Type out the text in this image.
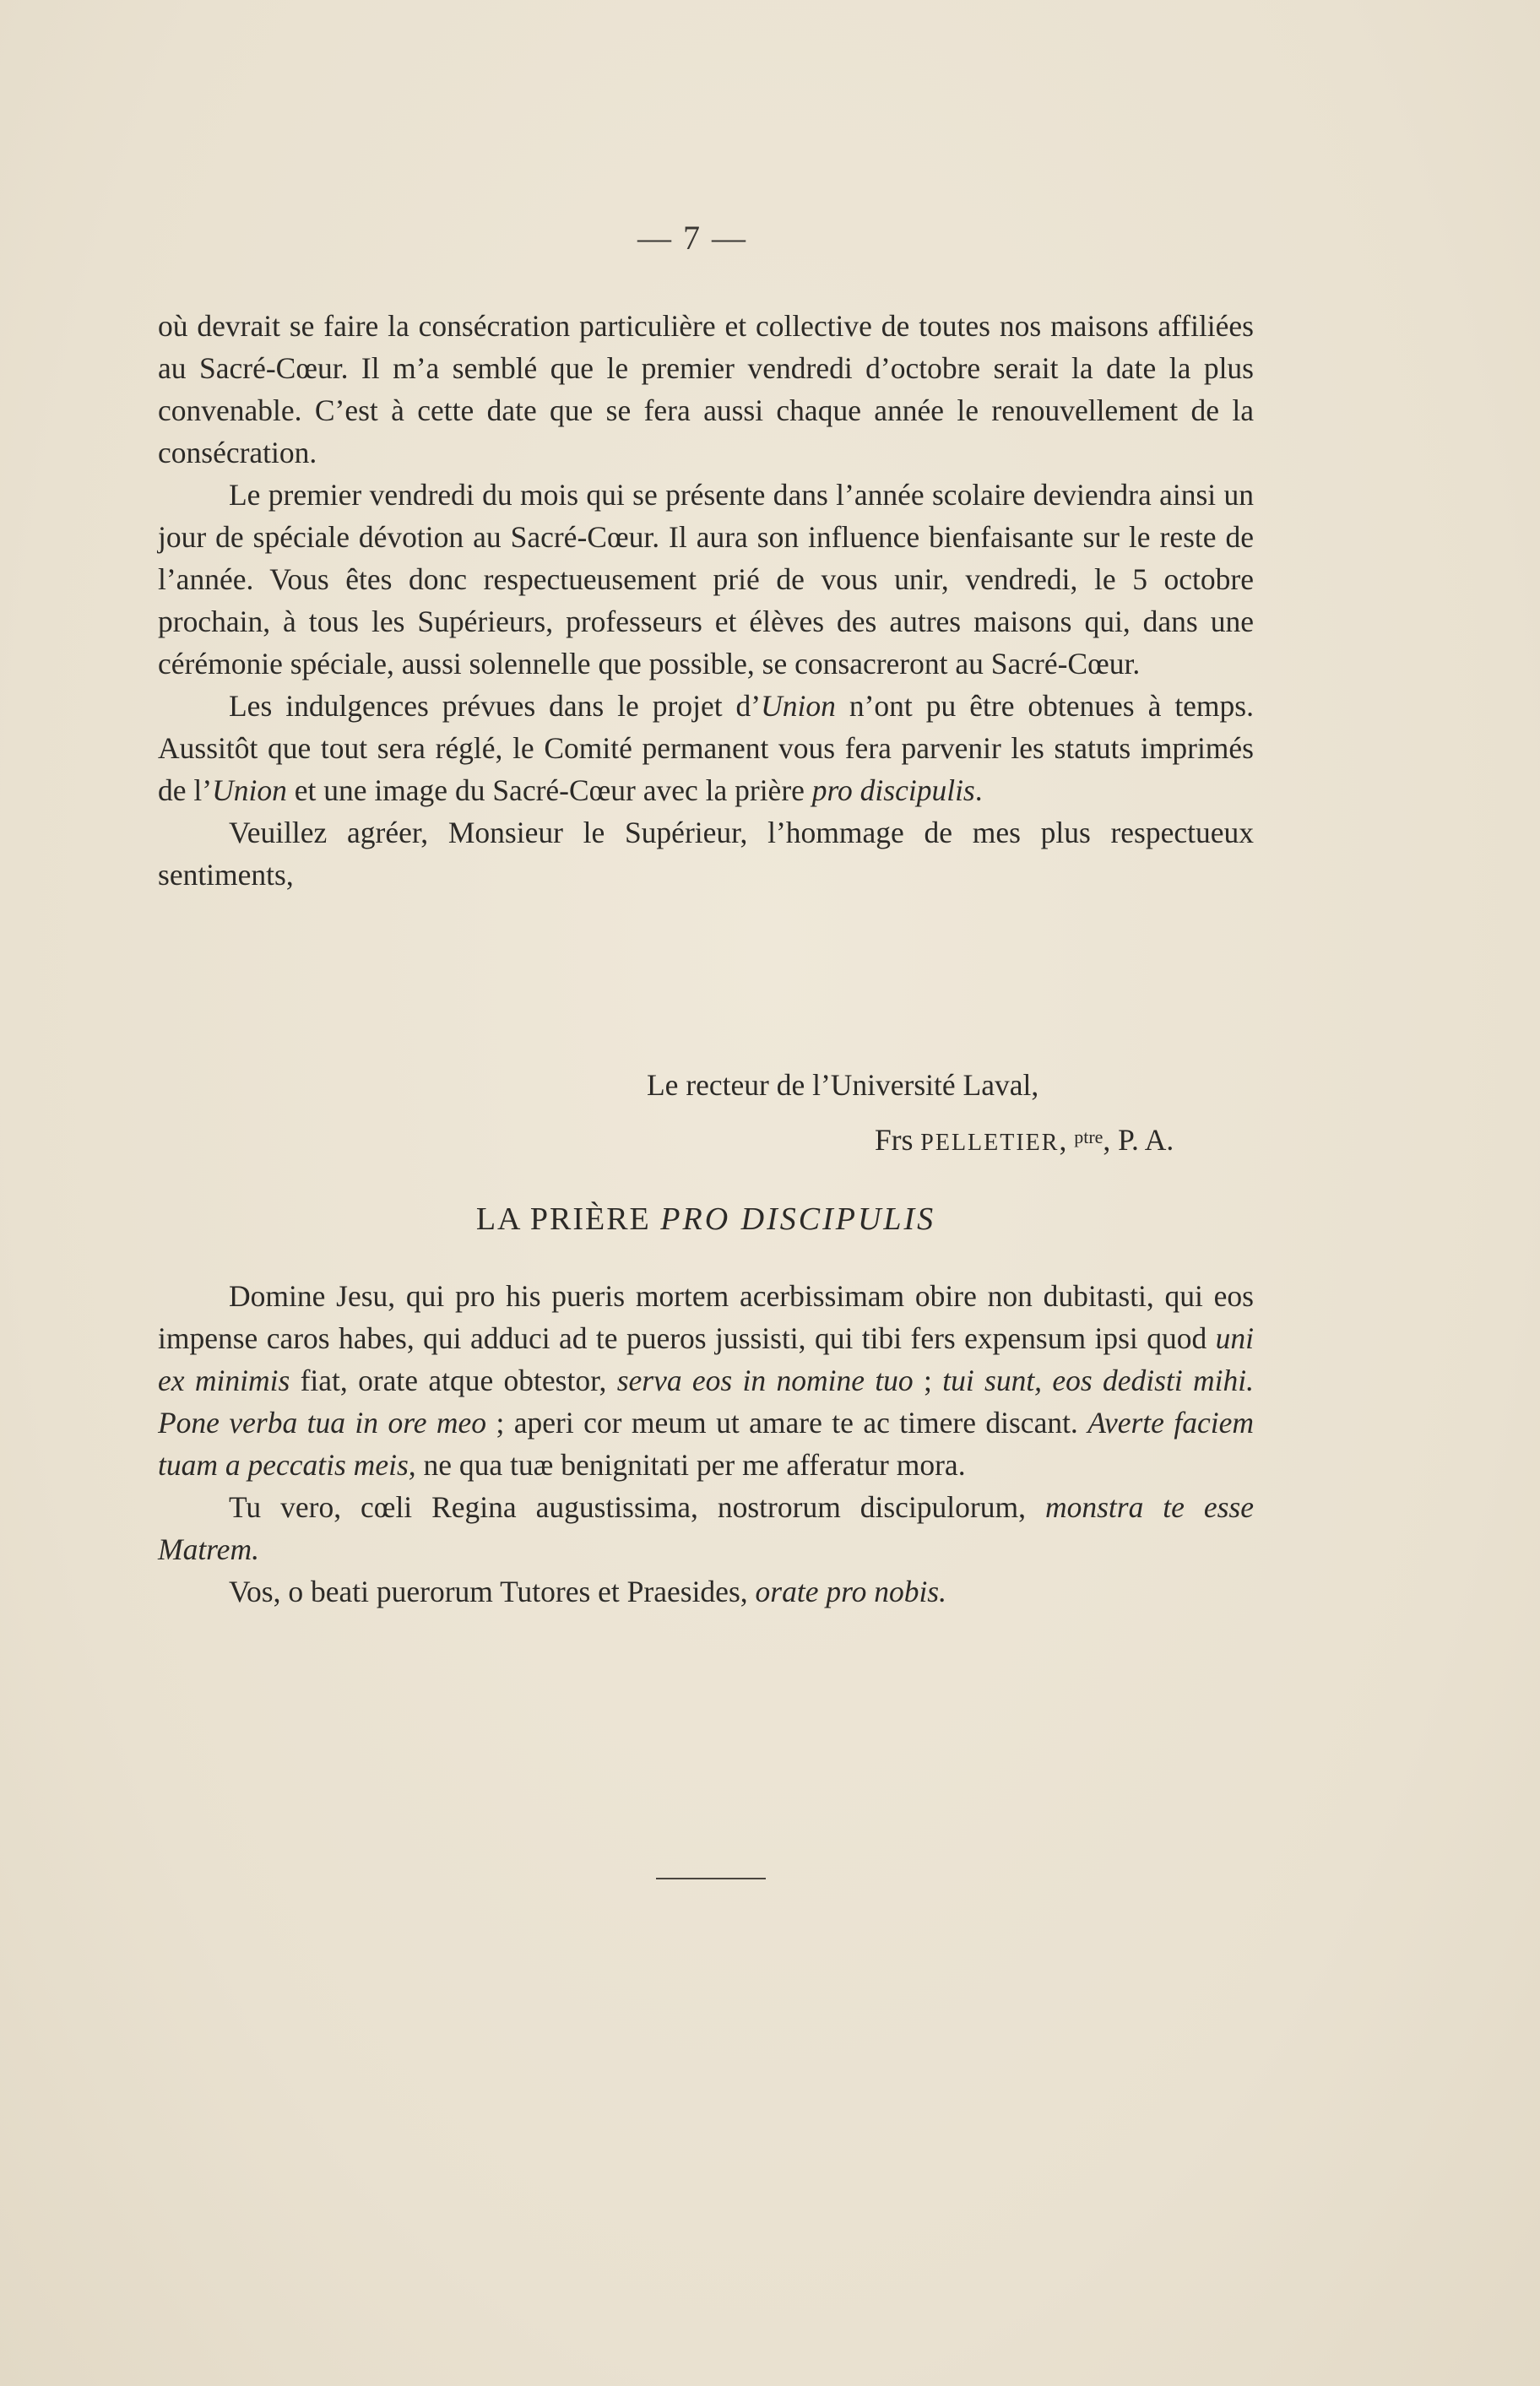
— 7 —

où devrait se faire la consécration particulière et collective de toutes nos maisons affiliées au Sacré-Cœur. Il m’a semblé que le premier vendredi d’octobre serait la date la plus convenable. C’est à cette date que se fera aussi chaque année le renouvellement de la consécration.

Le premier vendredi du mois qui se présente dans l’année scolaire deviendra ainsi un jour de spéciale dévotion au Sacré-Cœur. Il aura son influence bienfaisante sur le reste de l’année. Vous êtes donc respectueusement prié de vous unir, vendredi, le 5 octobre prochain, à tous les Supérieurs, professeurs et élèves des autres maisons qui, dans une cérémonie spéciale, aussi solennelle que possible, se consacreront au Sacré-Cœur.

Les indulgences prévues dans le projet d’Union n’ont pu être obtenues à temps. Aussitôt que tout sera réglé, le Comité permanent vous fera parvenir les statuts imprimés de l’Union et une image du Sacré-Cœur avec la prière pro discipulis.

Veuillez agréer, Monsieur le Supérieur, l’hommage de mes plus respectueux sentiments,

Le recteur de l’Université Laval,
Frs PELLETIER, $^{ptre}$, P. A.
LA PRIÈRE PRO DISCIPULIS

Domine Jesu, qui pro his pueris mortem acerbissimam obire non dubitasti, qui eos impense caros habes, qui adduci ad te pueros jussisti, qui tibi fers expensum ipsi quod uni ex minimis fiat, orate atque obtestor, serva eos in nomine tuo ; tui sunt, eos dedisti mihi. Pone verba tua in ore meo ; aperi cor meum ut amare te ac timere discant. Averte faciem tuam a peccatis meis, ne qua tuæ benignitati per me afferatur mora.

Tu vero, cœli Regina augustissima, nostrorum discipulorum, monstra te esse Matrem.

Vos, o beati puerorum Tutores et Praesides, orate pro nobis.
